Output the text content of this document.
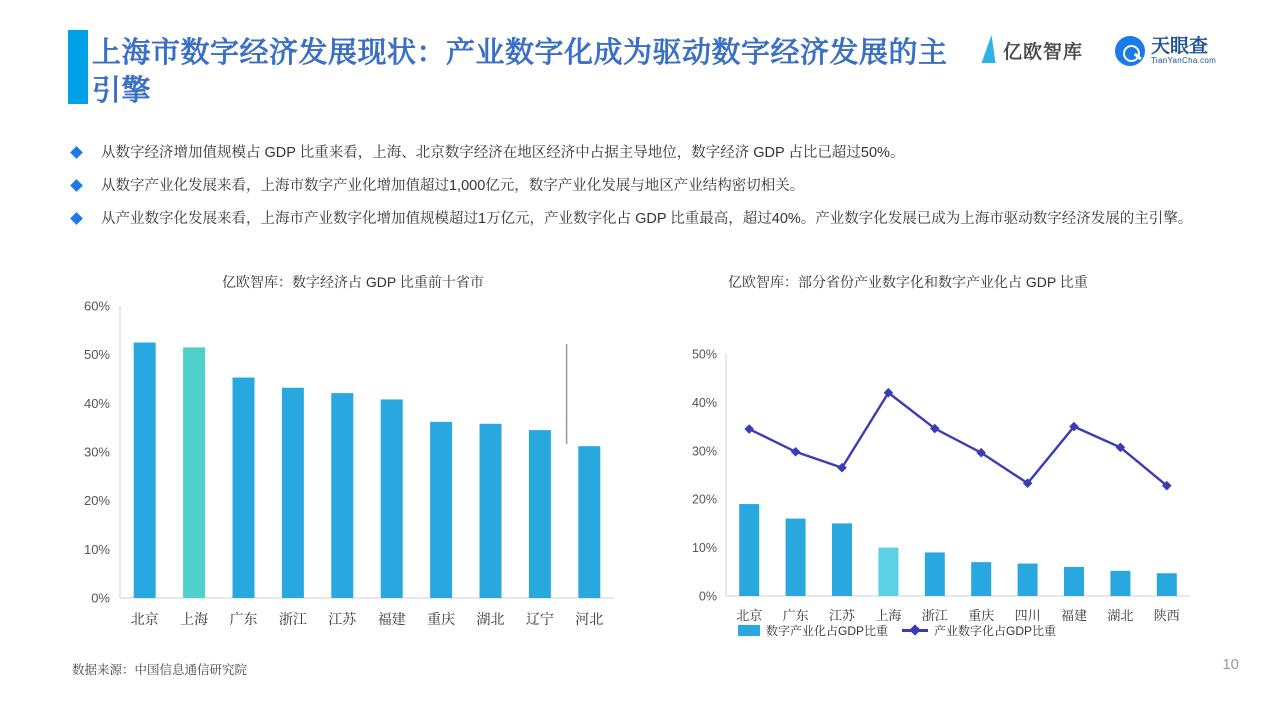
上海市数字经济发展现状：产业数字化成为驱动数字经济发展的主引擎
亿欧智库	天眼查
TianYanCha.com
从数字经济增加值规模占 GDP 比重来看，上海、北京数字经济在地区经济中占据主导地位，数字经济 GDP 占比已超过50%。
从数字产业化发展来看，上海市数字产业化增加值超过1,000亿元，数字产业化发展与地区产业结构密切相关。
从产业数字化发展来看，上海市产业数字化增加值规模超过1万亿元，产业数字化占 GDP 比重最高，超过40%。产业数字化发展已成为上海市驱动数字经济发展的主引擎。
亿欧智库：数字经济占 GDP 比重前十省市	亿欧智库：部分省份产业数字化和数字产业化占 GDP 比重
0%
10%
20%
30%
40%
50%
60%
北京 上海 广东 浙江 江苏 福建 重庆 湖北 辽宁 河北
0%
10%
20%
30%
40%
50%
北京 广东 江苏 上海 浙江 重庆 四川 福建 湖北 陕西
数字产业化占GDP比重	产业数字化占GDP比重
数据来源：中国信息通信研究院	10
